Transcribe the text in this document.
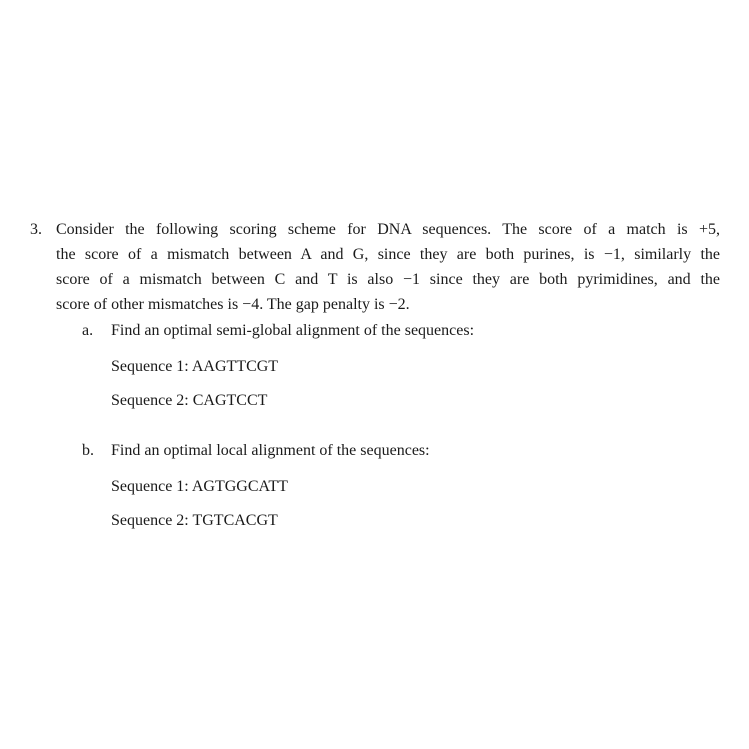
3. Consider the following scoring scheme for DNA sequences. The score of a match is +5,
the score of a mismatch between A and G, since they are both purines, is −1, similarly the
score of a mismatch between C and T is also −1 since they are both pyrimidines, and the
score of other mismatches is −4. The gap penalty is −2.
a. Find an optimal semi-global alignment of the sequences:
Sequence 1: AAGTTCGT
Sequence 2: CAGTCCT
b. Find an optimal local alignment of the sequences:
Sequence 1: AGTGGCATT
Sequence 2: TGTCACGT
